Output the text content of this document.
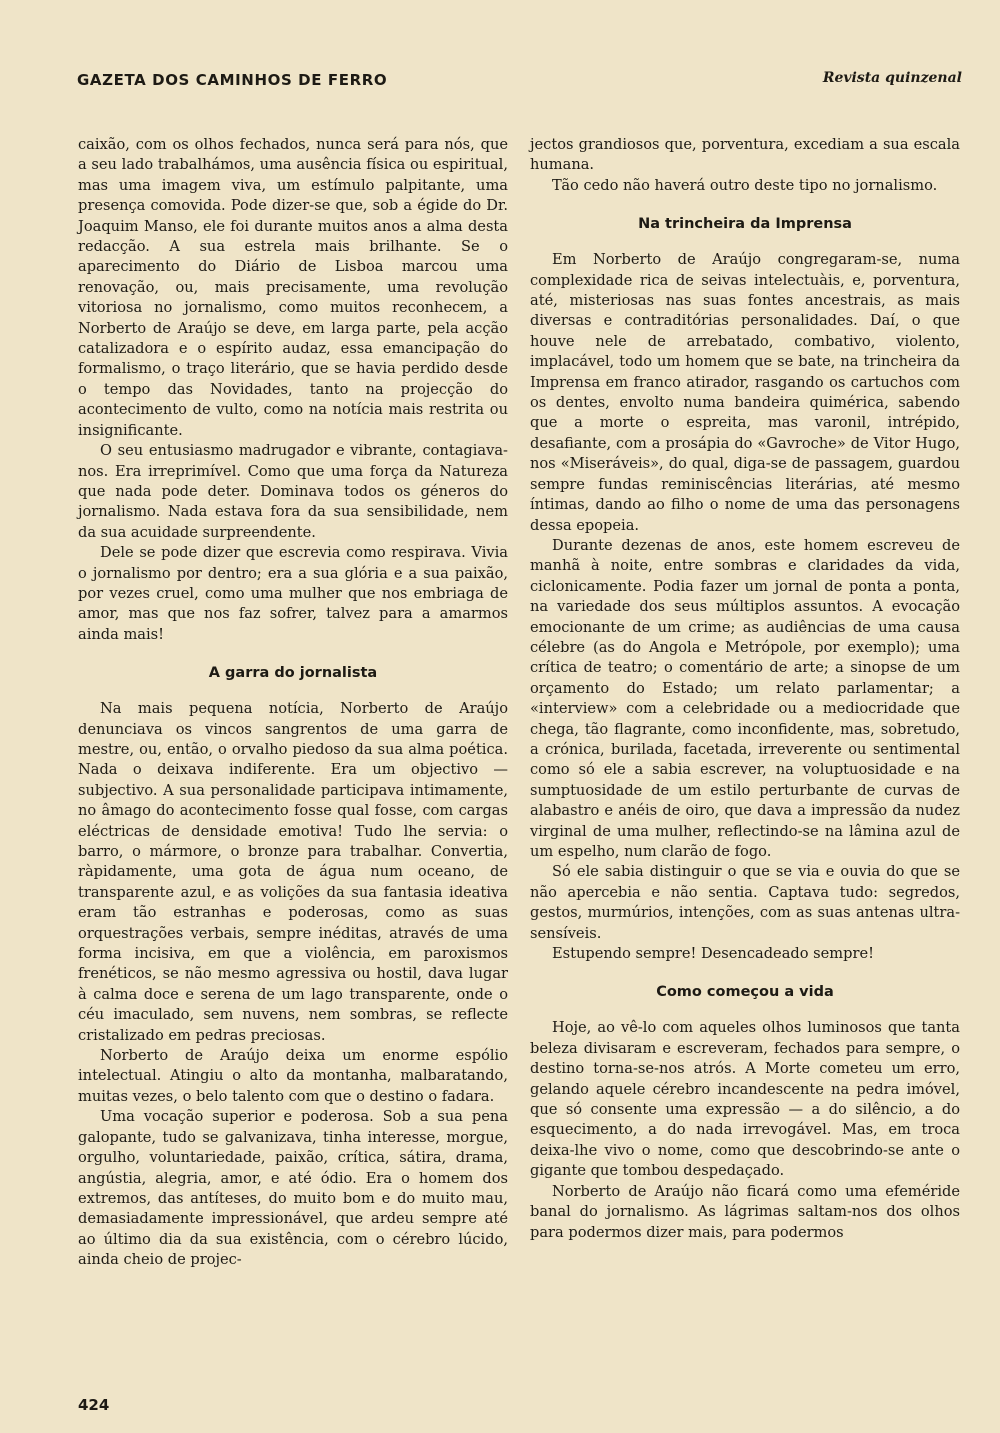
GAZETA DOS CAMINHOS DE FERRO	Revista quinzenal

caixão, com os olhos fechados, nunca será para nós, que a seu lado trabalhámos, uma ausência física ou espiritual, mas uma imagem viva, um estímulo palpitante, uma presença comovida. Pode dizer-se que, sob a égide do Dr. Joaquim Manso, ele foi durante muitos anos a alma desta redacção. A sua estrela mais brilhante. Se o aparecimento do Diário de Lisboa marcou uma renovação, ou, mais precisamente, uma revolução vitoriosa no jornalismo, como muitos reconhecem, a Norberto de Araújo se deve, em larga parte, pela acção catalizadora e o espírito audaz, essa emancipação do formalismo, o traço literário, que se havia perdido desde o tempo das Novidades, tanto na projecção do acontecimento de vulto, como na notícia mais restrita ou insignificante.

O seu entusiasmo madrugador e vibrante, contagiava-nos. Era irreprimível. Como que uma força da Natureza que nada pode deter. Dominava todos os géneros do jornalismo. Nada estava fora da sua sensibilidade, nem da sua acuidade surpreendente.

Dele se pode dizer que escrevia como respirava. Vivia o jornalismo por dentro; era a sua glória e a sua paixão, por vezes cruel, como uma mulher que nos embriaga de amor, mas que nos faz sofrer, talvez para a amarmos ainda mais!

A garra do jornalista

Na mais pequena notícia, Norberto de Araújo denunciava os vincos sangrentos de uma garra de mestre, ou, então, o orvalho piedoso da sua alma poética. Nada o deixava indiferente. Era um objectivo — subjectivo. A sua personalidade participava intimamente, no âmago do acontecimento fosse qual fosse, com cargas eléctricas de densidade emotiva! Tudo lhe servia: o barro, o mármore, o bronze para trabalhar. Convertia, ràpidamente, uma gota de água num oceano, de transparente azul, e as volições da sua fantasia ideativa eram tão estranhas e poderosas, como as suas orquestrações verbais, sempre inéditas, através de uma forma incisiva, em que a violência, em paroxismos frenéticos, se não mesmo agressiva ou hostil, dava lugar à calma doce e serena de um lago transparente, onde o céu imaculado, sem nuvens, nem sombras, se reflecte cristalizado em pedras preciosas.

Norberto de Araújo deixa um enorme espólio intelectual. Atingiu o alto da montanha, malbaratando, muitas vezes, o belo talento com que o destino o fadara.

Uma vocação superior e poderosa. Sob a sua pena galopante, tudo se galvanizava, tinha interesse, morgue, orgulho, voluntariedade, paixão, crítica, sátira, drama, angústia, alegria, amor, e até ódio. Era o homem dos extremos, das antíteses, do muito bom e do muito mau, demasiadamente impressionável, que ardeu sempre até ao último dia da sua existência, com o cérebro lúcido, ainda cheio de projec-

jectos grandiosos que, porventura, excediam a sua escala humana.

Tão cedo não haverá outro deste tipo no jornalismo.

Na trincheira da Imprensa

Em Norberto de Araújo congregaram-se, numa complexidade rica de seivas intelectuàis, e, porventura, até, misteriosas nas suas fontes ancestrais, as mais diversas e contraditórias personalidades. Daí, o que houve nele de arrebatado, combativo, violento, implacável, todo um homem que se bate, na trincheira da Imprensa em franco atirador, rasgando os cartuchos com os dentes, envolto numa bandeira quimérica, sabendo que a morte o espreita, mas varonil, intrépido, desafiante, com a prosápia do «Gavroche» de Vitor Hugo, nos «Miseráveis», do qual, diga-se de passagem, guardou sempre fundas reminiscências literárias, até mesmo íntimas, dando ao filho o nome de uma das personagens dessa epopeia.

Durante dezenas de anos, este homem escreveu de manhã à noite, entre sombras e claridades da vida, ciclonicamente. Podia fazer um jornal de ponta a ponta, na variedade dos seus múltiplos assuntos. A evocação emocionante de um crime; as audiências de uma causa célebre (as do Angola e Metrópole, por exemplo); uma crítica de teatro; o comentário de arte; a sinopse de um orçamento do Estado; um relato parlamentar; a «interview» com a celebridade ou a mediocridade que chega, tão flagrante, como inconfidente, mas, sobretudo, a crónica, burilada, facetada, irreverente ou sentimental como só ele a sabia escrever, na voluptuosidade e na sumptuosidade de um estilo perturbante de curvas de alabastro e anéis de oiro, que dava a impressão da nudez virginal de uma mulher, reflectindo-se na lâmina azul de um espelho, num clarão de fogo.

Só ele sabia distinguir o que se via e ouvia do que se não apercebia e não sentia. Captava tudo: segredos, gestos, murmúrios, intenções, com as suas antenas ultra-sensíveis.

Estupendo sempre! Desencadeado sempre!

Como começou a vida

Hoje, ao vê-lo com aqueles olhos luminosos que tanta beleza divisaram e escreveram, fechados para sempre, o destino torna-se-nos atrós. A Morte cometeu um erro, gelando aquele cérebro incandescente na pedra imóvel, que só consente uma expressão — a do silêncio, a do esquecimento, a do nada irrevogável. Mas, em troca deixa-lhe vivo o nome, como que descobrindo-se ante o gigante que tombou despedaçado.

Norberto de Araújo não ficará como uma efeméride banal do jornalismo. As lágrimas saltam-nos dos olhos para podermos dizer mais, para podermos

424
